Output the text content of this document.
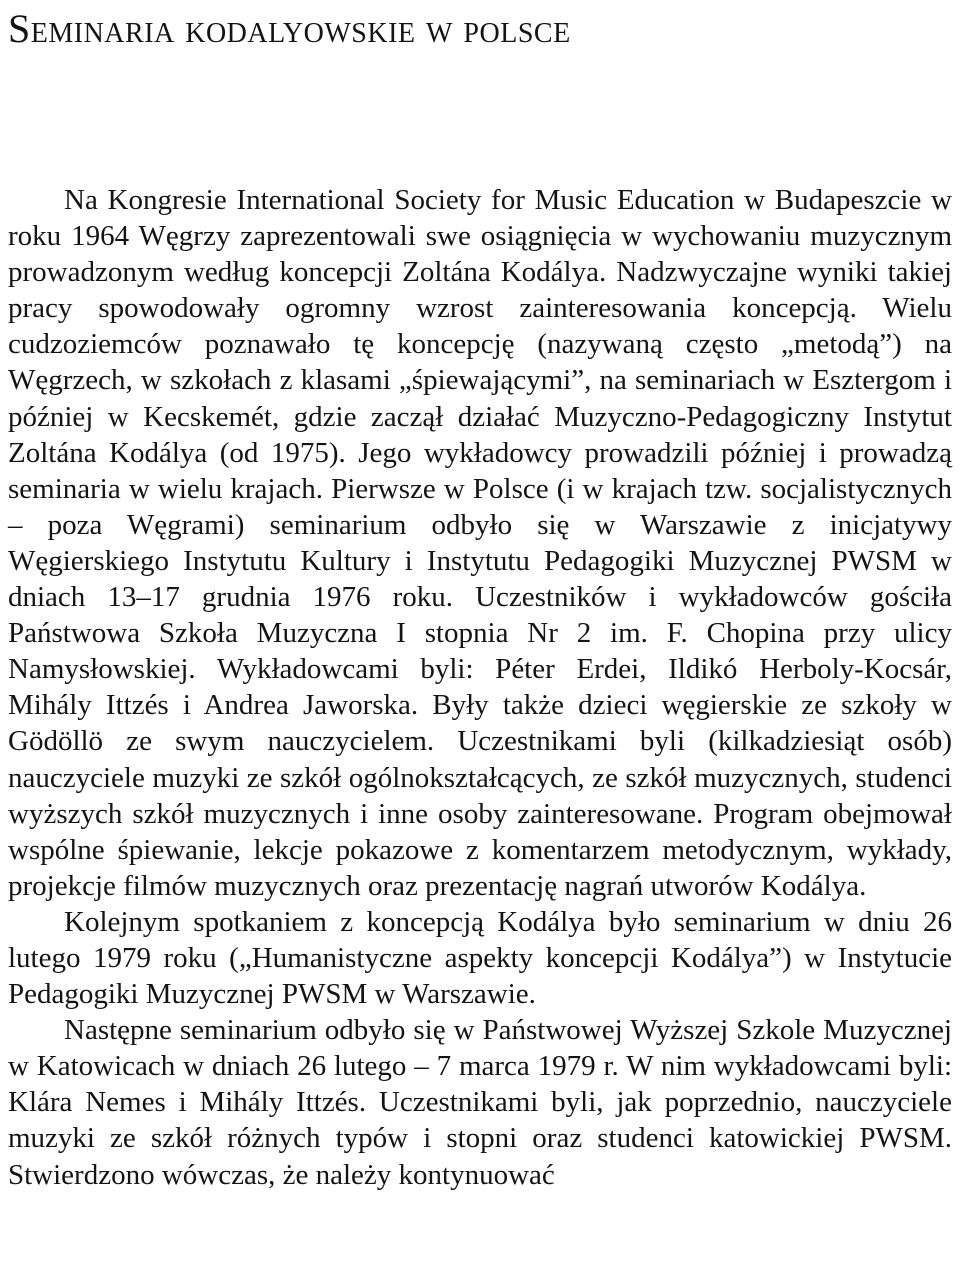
Seminaria kodalyowskie w polsce

Na Kongresie International Society for Music Education w Budapeszcie w roku 1964 Węgrzy zaprezentowali swe osiągnięcia w wychowaniu muzycznym prowadzonym według koncepcji Zoltána Kodálya. Nadzwyczajne wyniki takiej pracy spowodowały ogromny wzrost zainteresowania koncepcją. Wielu cudzoziemców poznawało tę koncepcję (nazywaną często „metodą”) na Węgrzech, w szkołach z klasami „śpiewającymi”, na seminariach w Esztergom i później w Kecskemét, gdzie zaczął działać Muzyczno-Pedagogiczny Instytut Zoltána Kodálya (od 1975). Jego wykładowcy prowadzili później i prowadzą seminaria w wielu krajach. Pierwsze w Polsce (i w krajach tzw. socjalistycznych – poza Węgrami) seminarium odbyło się w Warszawie z inicjatywy Węgierskiego Instytutu Kultury i Instytutu Pedagogiki Muzycznej PWSM w dniach 13–17 grudnia 1976 roku. Uczestników i wykładowców gościła Państwowa Szkoła Muzyczna I stopnia Nr 2 im. F. Chopina przy ulicy Namysłowskiej. Wykładowcami byli: Péter Erdei, Ildikó Herboly-Kocsár, Mihály Ittzés i Andrea Jaworska. Były także dzieci węgierskie ze szkoły w Gödöllö ze swym nauczycielem. Uczestnikami byli (kilkadziesiąt osób) nauczyciele muzyki ze szkół ogólnokształcących, ze szkół muzycznych, studenci wyższych szkół muzycznych i inne osoby zainteresowane. Program obejmował wspólne śpiewanie, lekcje pokazowe z komentarzem metodycznym, wykłady, projekcje filmów muzycznych oraz prezentację nagrań utworów Kodálya.

Kolejnym spotkaniem z koncepcją Kodálya było seminarium w dniu 26 lutego 1979 roku („Humanistyczne aspekty koncepcji Kodálya”) w Instytucie Pedagogiki Muzycznej PWSM w Warszawie.

Następne seminarium odbyło się w Państwowej Wyższej Szkole Muzycznej w Katowicach w dniach 26 lutego – 7 marca 1979 r. W nim wykładowcami byli: Klára Nemes i Mihály Ittzés. Uczestnikami byli, jak poprzednio, nauczyciele muzyki ze szkół różnych typów i stopni oraz studenci katowickiej PWSM. Stwierdzono wówczas, że należy kontynuować
